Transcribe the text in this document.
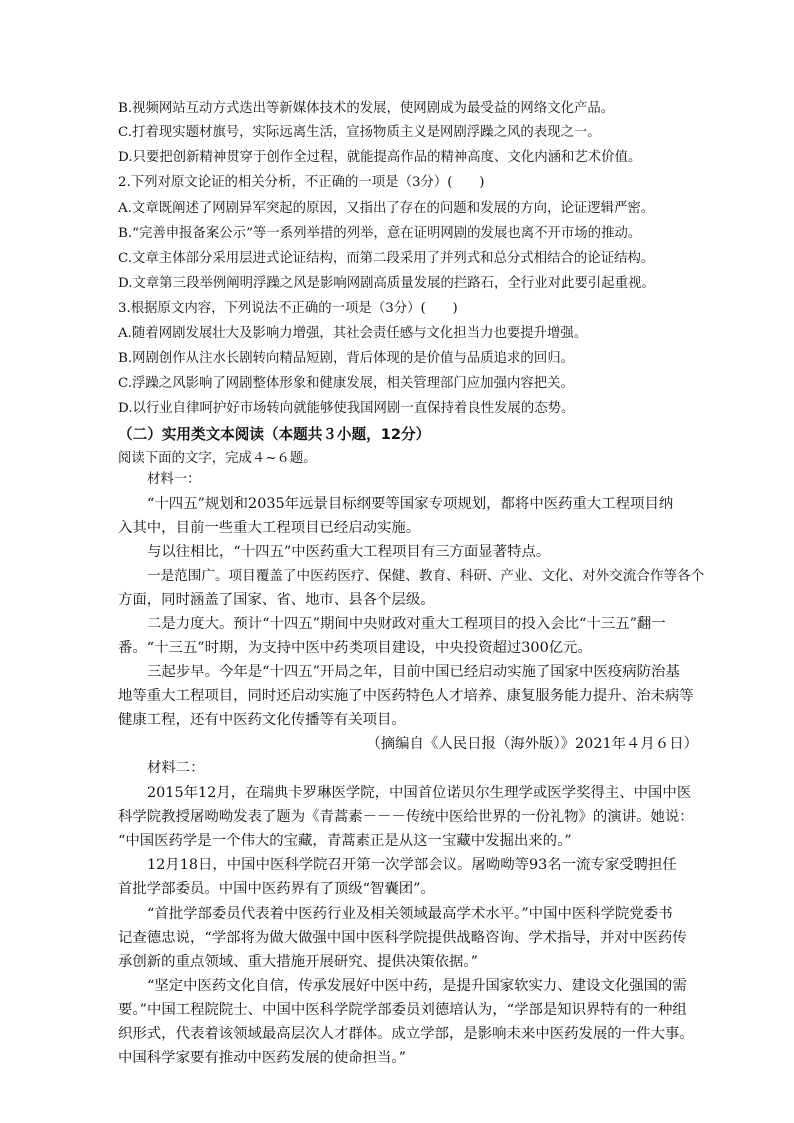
B.视频网站互动方式迭出等新媒体技术的发展，使网剧成为最受益的网络文化产品。
C.打着现实题材旗号，实际远离生活，宣扬物质主义是网剧浮躁之风的表现之一。
D.只要把创新精神贯穿于创作全过程，就能提高作品的精神高度、文化内涵和艺术价值。
2.下列对原文论证的相关分析，不正确的一项是（3分）(　　)
A.文章既阐述了网剧异军突起的原因，又指出了存在的问题和发展的方向，论证逻辑严密。
B.“完善申报备案公示”等一系列举措的列举，意在证明网剧的发展也离不开市场的推动。
C.文章主体部分采用层进式论证结构，而第二段采用了并列式和总分式相结合的论证结构。
D.文章第三段举例阐明浮躁之风是影响网剧高质量发展的拦路石，全行业对此要引起重视。
3.根据原文内容，下列说法不正确的一项是（3分）(　　)
A.随着网剧发展壮大及影响力增强，其社会责任感与文化担当力也要提升增强。
B.网剧创作从注水长剧转向精品短剧，背后体现的是价值与品质追求的回归。
C.浮躁之风影响了网剧整体形象和健康发展，相关管理部门应加强内容把关。
D.以行业自律呵护好市场转向就能够使我国网剧一直保持着良性发展的态势。
（二）实用类文本阅读（本题共３小题，12分）
阅读下面的文字，完成４~６题。
材料一：
“十四五”规划和2035年远景目标纲要等国家专项规划，都将中医药重大工程项目纳
入其中，目前一些重大工程项目已经启动实施。
与以往相比，“十四五”中医药重大工程项目有三方面显著特点。
一是范围广。项目覆盖了中医药医疗、保健、教育、科研、产业、文化、对外交流合作等各个
方面，同时涵盖了国家、省、地市、县各个层级。
二是力度大。预计“十四五”期间中央财政对重大工程项目的投入会比“十三五”翻一
番。“十三五”时期，为支持中医中药类项目建设，中央投资超过300亿元。
三起步早。今年是“十四五”开局之年，目前中国已经启动实施了国家中医疫病防治基
地等重大工程项目，同时还启动实施了中医药特色人才培养、康复服务能力提升、治未病等
健康工程，还有中医药文化传播等有关项目。
（摘编自《人民日报（海外版）》2021年４月６日）
材料二：
2015年12月，在瑞典卡罗琳医学院，中国首位诺贝尔生理学或医学奖得主、中国中医
科学院教授屠呦呦发表了题为《青蒿素－－－传统中医给世界的一份礼物》的演讲。她说：
“中国医药学是一个伟大的宝藏，青蒿素正是从这一宝藏中发掘出来的。”
12月18日，中国中医科学院召开第一次学部会议。屠呦呦等93名一流专家受聘担任
首批学部委员。中国中医药界有了顶级“智囊团”。
“首批学部委员代表着中医药行业及相关领域最高学术水平。”中国中医科学院党委书
记查德忠说，“学部将为做大做强中国中医科学院提供战略咨询、学术指导，并对中医药传
承创新的重点领域、重大措施开展研究、提供决策依据。”
“坚定中医药文化自信，传承发展好中医中药，是提升国家软实力、建设文化强国的需
要。”中国工程院院士、中国中医科学院学部委员刘德培认为，“学部是知识界特有的一种组
织形式，代表着该领域最高层次人才群体。成立学部，是影响未来中医药发展的一件大事。
中国科学家要有推动中医药发展的使命担当。”
